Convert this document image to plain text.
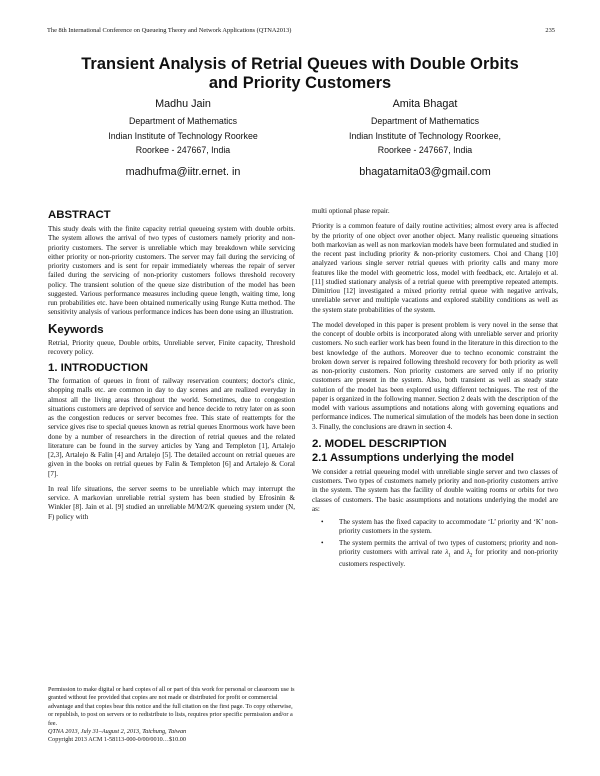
The 8th International Conference on Queueing Theory and Network Applications (QTNA2013)	235
Transient Analysis of Retrial Queues with Double Orbits
and Priority Customers
Madhu Jain
Department of Mathematics
Indian Institute of Technology Roorkee
Roorkee - 247667, India
madhufma@iitr.ernet. in
Amita Bhagat
Department of Mathematics
Indian Institute of Technology Roorkee,
Roorkee - 247667, India
bhagatamita03@gmail.com
ABSTRACT

This study deals with the finite capacity retrial queueing system with double orbits. The system allows the arrival of two types of customers namely priority and non-priority customers. The server is unreliable which may breakdown while servicing either priority or non-priority customers. The server may fail during the servicing of priority customers and is sent for repair immediately whereas the repair of server failed during the servicing of non-priority customers follows threshold recovery policy. The transient solution of the queue size distribution of the model has been suggested. Various performance measures including queue length, waiting time, long run probabilities etc. have been obtained numerically using Runge Kutta method. The sensitivity analysis of various performance indices has been done using an illustration.

Keywords

Retrial, Priority queue, Double orbits, Unreliable server, Finite capacity, Threshold recovery policy.

1. INTRODUCTION

The formation of queues in front of railway reservation counters; doctor's clinic, shopping malls etc. are common in day to day scenes and are realized everyday in almost all the living areas throughout the world. Sometimes, due to congestion situations customers are deprived of service and hence decide to retry later on as soon as the congestion reduces or server becomes free. This state of reattempts for the service gives rise to special queues known as retrial queues Enormous work have been done by a number of researchers in the direction of retrial queues and the related literature can be found in the survey articles by Yang and Templeton [1], Artalejo [2,3], Artalejo & Falin [4] and Artalejo [5]. The detailed account on retrial queues are given in the books on retrial queues by Falin & Templeton [6] and Artalejo & Coral [7].

In real life situations, the server seems to be unreliable which may interrupt the service. A markovian unreliable retrial system has been studied by Efrosinin & Winkler [8]. Jain et al. [9] studied an unreliable M/M/2/K queueing system under (N, F) policy with

Permission to make digital or hard copies of all or part of this work for personal or classroom use is granted without fee provided that copies are not made or distributed for profit or commercial advantage and that copies bear this notice and the full citation on the first page. To copy otherwise, or republish, to post on servers or to redistribute to lists, requires prior specific permission and/or a fee.

QTNA 2013, July 31–August 2, 2013, Taichung, Taiwan

Copyright 2013 ACM 1-58113-000-0/00/0010…$10.00

multi optional phase repair.

Priority is a common feature of daily routine activities; almost every area is affected by the priority of one object over another object. Many realistic queueing situations both markovian as well as non markovian models have been formulated and studied in the recent past including priority & non-priority customers. Choi and Chang [10] analyzed various single server retrial queues with priority calls and many more features like the model with geometric loss, model with feedback, etc. Artalejo et al. [11] studied stationary analysis of a retrial queue with preemptive repeated attempts. Dimitriou [12] investigated a mixed priority retrial queue with negative arrivals, unreliable server and multiple vacations and explored stability conditions as well as the system state probabilities of the system.

The model developed in this paper is present problem is very novel in the sense that the concept of double orbits is incorporated along with unreliable server and priority customers. No such earlier work has been found in the literature in this direction to the best knowledge of the authors. Moreover due to techno economic constraint the broken down server is repaired following threshold recovery for both priority as well as non-priority customers. Non priority customers are served only if no priority customers are present in the system. Also, both transient as well as steady state solution of the model has been explored using different techniques. The rest of the paper is organized in the following manner. Section 2 deals with the description of the model with various assumptions and notations along with governing equations and performance indices. The numerical simulation of the models has been done in section 3. Finally, the conclusions are drawn in section 4.

2. MODEL DESCRIPTION
2.1 Assumptions underlying the model

We consider a retrial queueing model with unreliable single server and two classes of customers. Two types of customers namely priority and non-priority customers arrive in the system. The system has the facility of double waiting rooms or orbits for two classes of customers. The basic assumptions and notations underlying the model are as:

• The system has the fixed capacity to accommodate ‘L’ priority and ‘K’ non-priority customers in the system.
• The system permits the arrival of two types of customers; priority and non-priority customers with arrival rate $\lambda_1$ and $\lambda_2$ for priority and non-priority customers respectively.
